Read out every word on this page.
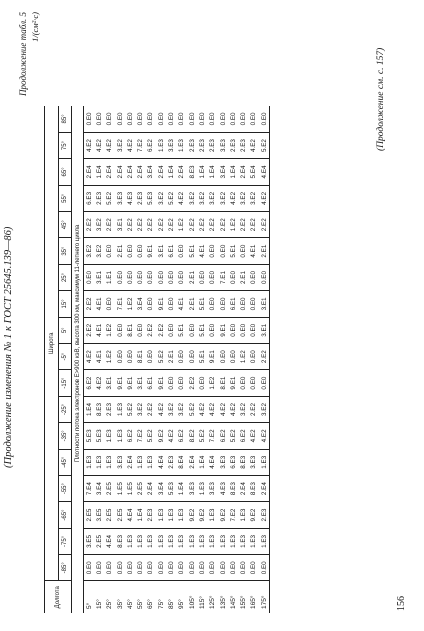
(Продолжение изменения № 1 к ГОСТ 25645.139—86)
Продолжение табл. 5 1/(см²·с)
Долгота	Широта																	
	-85°	-75°	-65°	-55°	-45°	-35°	-25°	-15°	-5°	5°	15°	25°	35°	45°	55°	65°	75°	85°
	Плотности потока электронов E>900 кэВ, высота 300 км, максимум 11-летнего цикла																	
5°	0.E0	3.E5	2.E5	7.E4	1.E3	5.E3	1.E4	6.E2	4.E2	2.E2	2.E2	0.E0	3.E2	2.E2	6.E3	2.E4	4.E2	0.E0
15°	0.E0	2.E5	3.E5	3.E4	1.E3	5.E3	8.E3	4.E2	4.E1	4.E1	4.E1	3.E1	3.E2	3.E2	2.E3	1.E4	4.E2	0.E0
25°	0.E0	4.E4	2.E5	2.E5	1.E3	1.E3	2.E3	3.E1	1.E2	1.E2	0.E0	1.E1	0.E0	2.E2	5.E2	2.E4	4.E2	0.E0
35°	0.E0	8.E3	2.E5	1.E5	3.E3	1.E3	1.E3	9.E1	0.E0	0.E0	7.E1	0.E0	2.E1	3.E1	3.E3	2.E4	3.E2	0.E0
45°	0.E0	1.E3	4.E4	1.E5	2.E4	6.E2	5.E2	9.E1	0.E0	8.E1	1.E2	0.E0	0.E0	2.E2	4.E3	2.E4	4.E2	0.E0
55°	0.E0	1.E3	1.E4	2.E5	1.E3	7.E2	3.E2	3.E1	8.E1	0.E0	3.E4	0.E0	0.E0	2.E2	2.E3	2.E4	7.E2	0.E0
65°	0.E0	1.E3	2.E3	2.E4	1.E3	5.E2	2.E2	6.E1	0.E0	2.E2	0.E0	0.E0	9.E1	2.E2	5.E3	3.E4	6.E2	0.E0
75°	0.E0	1.E3	1.E3	3.E4	4.E4	9.E2	4.E2	9.E1	5.E2	2.E2	9.E1	0.E0	3.E1	2.E2	3.E2	2.E4	1.E3	0.E0
85°	0.E0	1.E3	1.E3	5.E3	2.E3	4.E2	3.E2	0.E0	2.E1	0.E0	0.E0	0.E0	6.E1	2.E2	5.E2	1.E4	3.E3	0.E0
95°	0.E0	1.E3	1.E3	1.E4	8.E4	6.E2	3.E2	0.E0	0.E0	5.E1	4.E1	0.E0	0.E0	1.E2	4.E2	2.E4	1.E3	0.E0
105°	0.E0	1.E3	9.E2	3.E3	2.E4	8.E2	5.E2	2.E2	0.E0	0.E0	2.E1	2.E1	5.E1	2.E2	3.E2	8.E3	2.E3	0.E0
115°	0.E0	1.E3	9.E2	1.E3	1.E4	5.E2	4.E2	0.E0	5.E1	5.E1	5.E1	0.E0	4.E1	2.E2	3.E2	1.E4	2.E3	0.E0
125°	0.E0	1.E3	1.E3	3.E3	4.E4	7.E2	4.E2	1.E2	9.E1	0.E0	0.E0	0.E0	0.E0	2.E2	3.E2	1.E4	2.E3	0.E0
135°	0.E0	1.E3	9.E2	4.E3	3.E3	6.E2	4.E2	8.E1	0.E0	9.E1	0.E0	7.E1	0.E0	2.E2	3.E2	3.E4	3.E3	0.E0
145°	0.E0	1.E3	7.E2	8.E3	6.E3	5.E2	4.E2	9.E1	0.E0	0.E0	6.E1	0.E0	5.E1	1.E2	4.E2	1.E4	2.E3	0.E0
155°	0.E0	1.E3	1.E3	2.E4	8.E3	6.E2	3.E2	0.E0	1.E2	0.E0	0.E0	2.E1	0.E0	2.E2	3.E2	2.E4	2.E3	0.E0
165°	0.E0	1.E3	9.E2	8.E3	3.E3	4.E2	2.E2	0.E0	0.E0	0.E0	0.E0	0.E0	4.E1	2.E2	3.E2	5.E4	4.E2	0.E0
175°	0.E0	1.E3	2.E3	2.E4	1.E3	4.E2	3.E2	0.E0	2.E2	3.E1	3.E1	0.E0	2.E1	2.E2	4.E2	4.E4	5.E2	0.E0
156
(Продолжение см. с. 157)
